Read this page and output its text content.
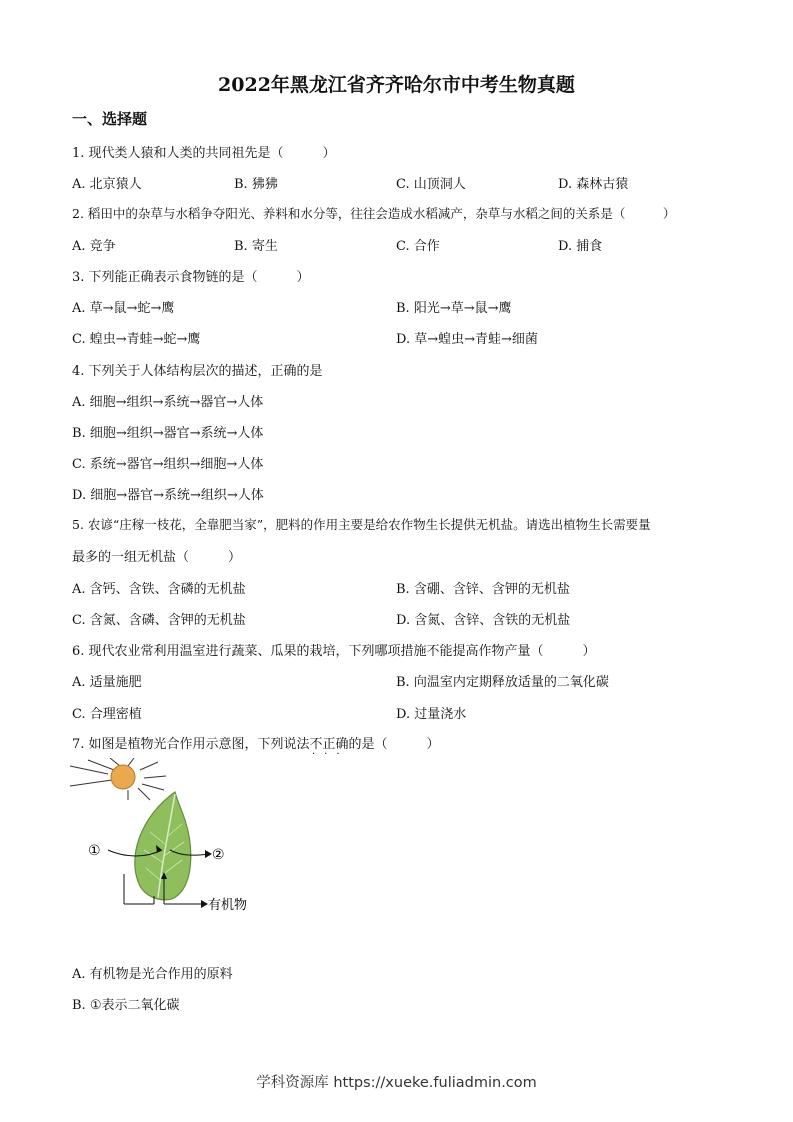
2022年黑龙江省齐齐哈尔市中考生物真题
一、选择题
1. 现代类人猿和人类的共同祖先是（　　　）
A. 北京猿人	B. 狒狒	C. 山顶洞人	D. 森林古猿
2. 稻田中的杂草与水稻争夺阳光、养料和水分等，往往会造成水稻减产，杂草与水稻之间的关系是（　　　）
A. 竞争	B. 寄生	C. 合作	D. 捕食
3. 下列能正确表示食物链的是（　　　）
A. 草→鼠→蛇→鹰	B. 阳光→草→鼠→鹰
C. 蝗虫→青蛙→蛇→鹰	D. 草→蝗虫→青蛙→细菌
4. 下列关于人体结构层次的描述，正确的是
A. 细胞→组织→系统→器官→人体
B. 细胞→组织→器官→系统→人体
C. 系统→器官→组织→细胞→人体
D. 细胞→器官→系统→组织→人体
5. 农谚“庄稼一枝花，全靠肥当家”，肥料的作用主要是给农作物生长提供无机盐。请选出植物生长需要量
最多的一组无机盐（　　　）
A. 含钙、含铁、含磷的无机盐	B. 含硼、含锌、含钾的无机盐
C. 含氮、含磷、含钾的无机盐	D. 含氮、含锌、含铁的无机盐
6. 现代农业常利用温室进行蔬菜、瓜果的栽培，下列哪项措施不能提高作物产量（　　　）
A. 适量施肥	B. 向温室内定期释放适量的二氧化碳
C. 合理密植	D. 过量浇水
7. 如图是植物光合作用示意图，下列说法不正确的是（　　　）
···
①	②
有机物
A. 有机物是光合作用的原料
B. ①表示二氧化碳
学科资源库 https://xueke.fuliadmin.com
